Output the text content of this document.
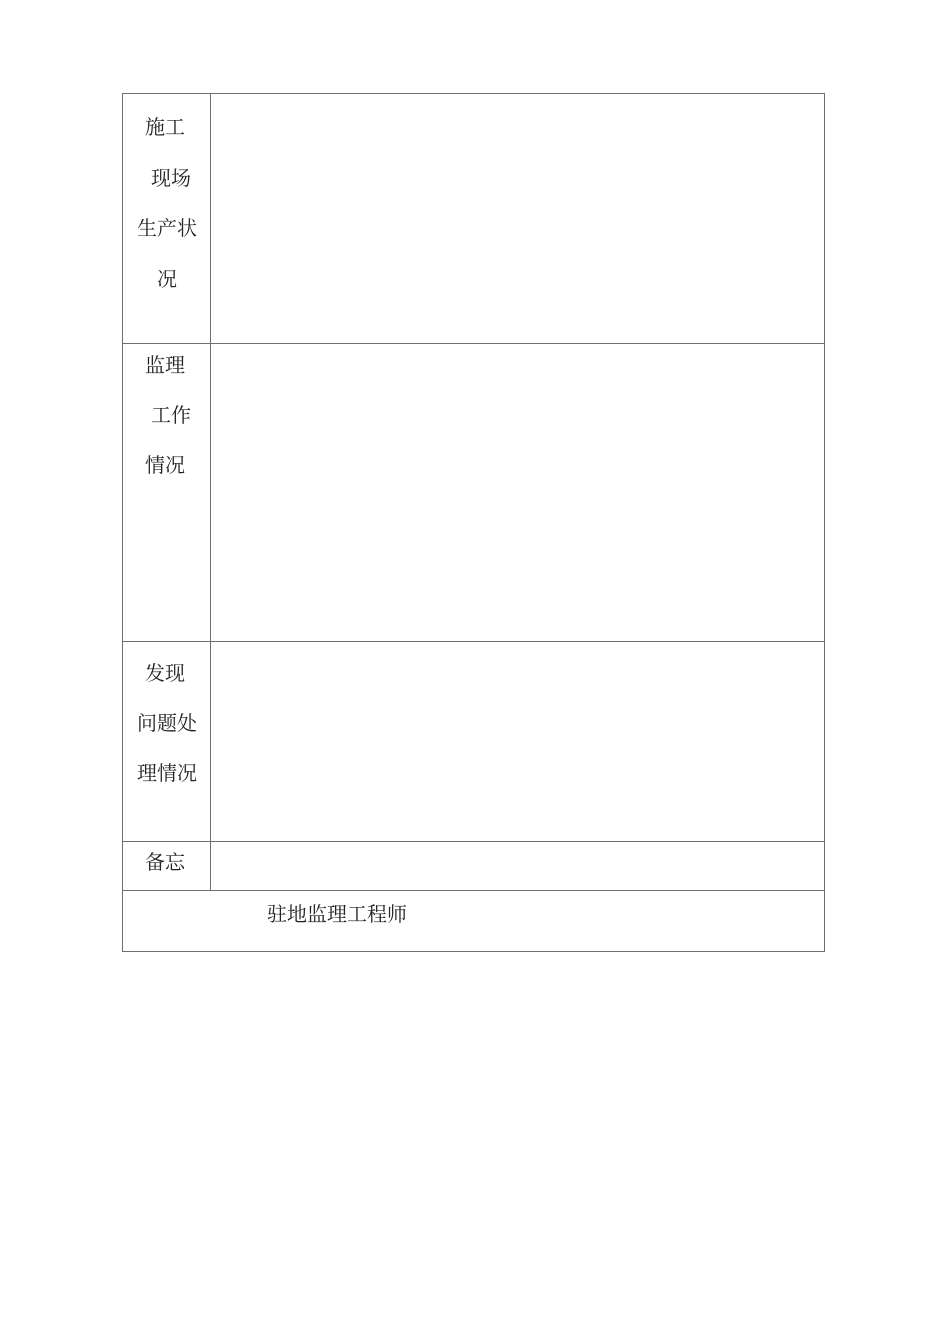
施工
现场
生产状
况
监理
工作
情况
发现
问题处
理情况
备忘
驻地监理工程师
